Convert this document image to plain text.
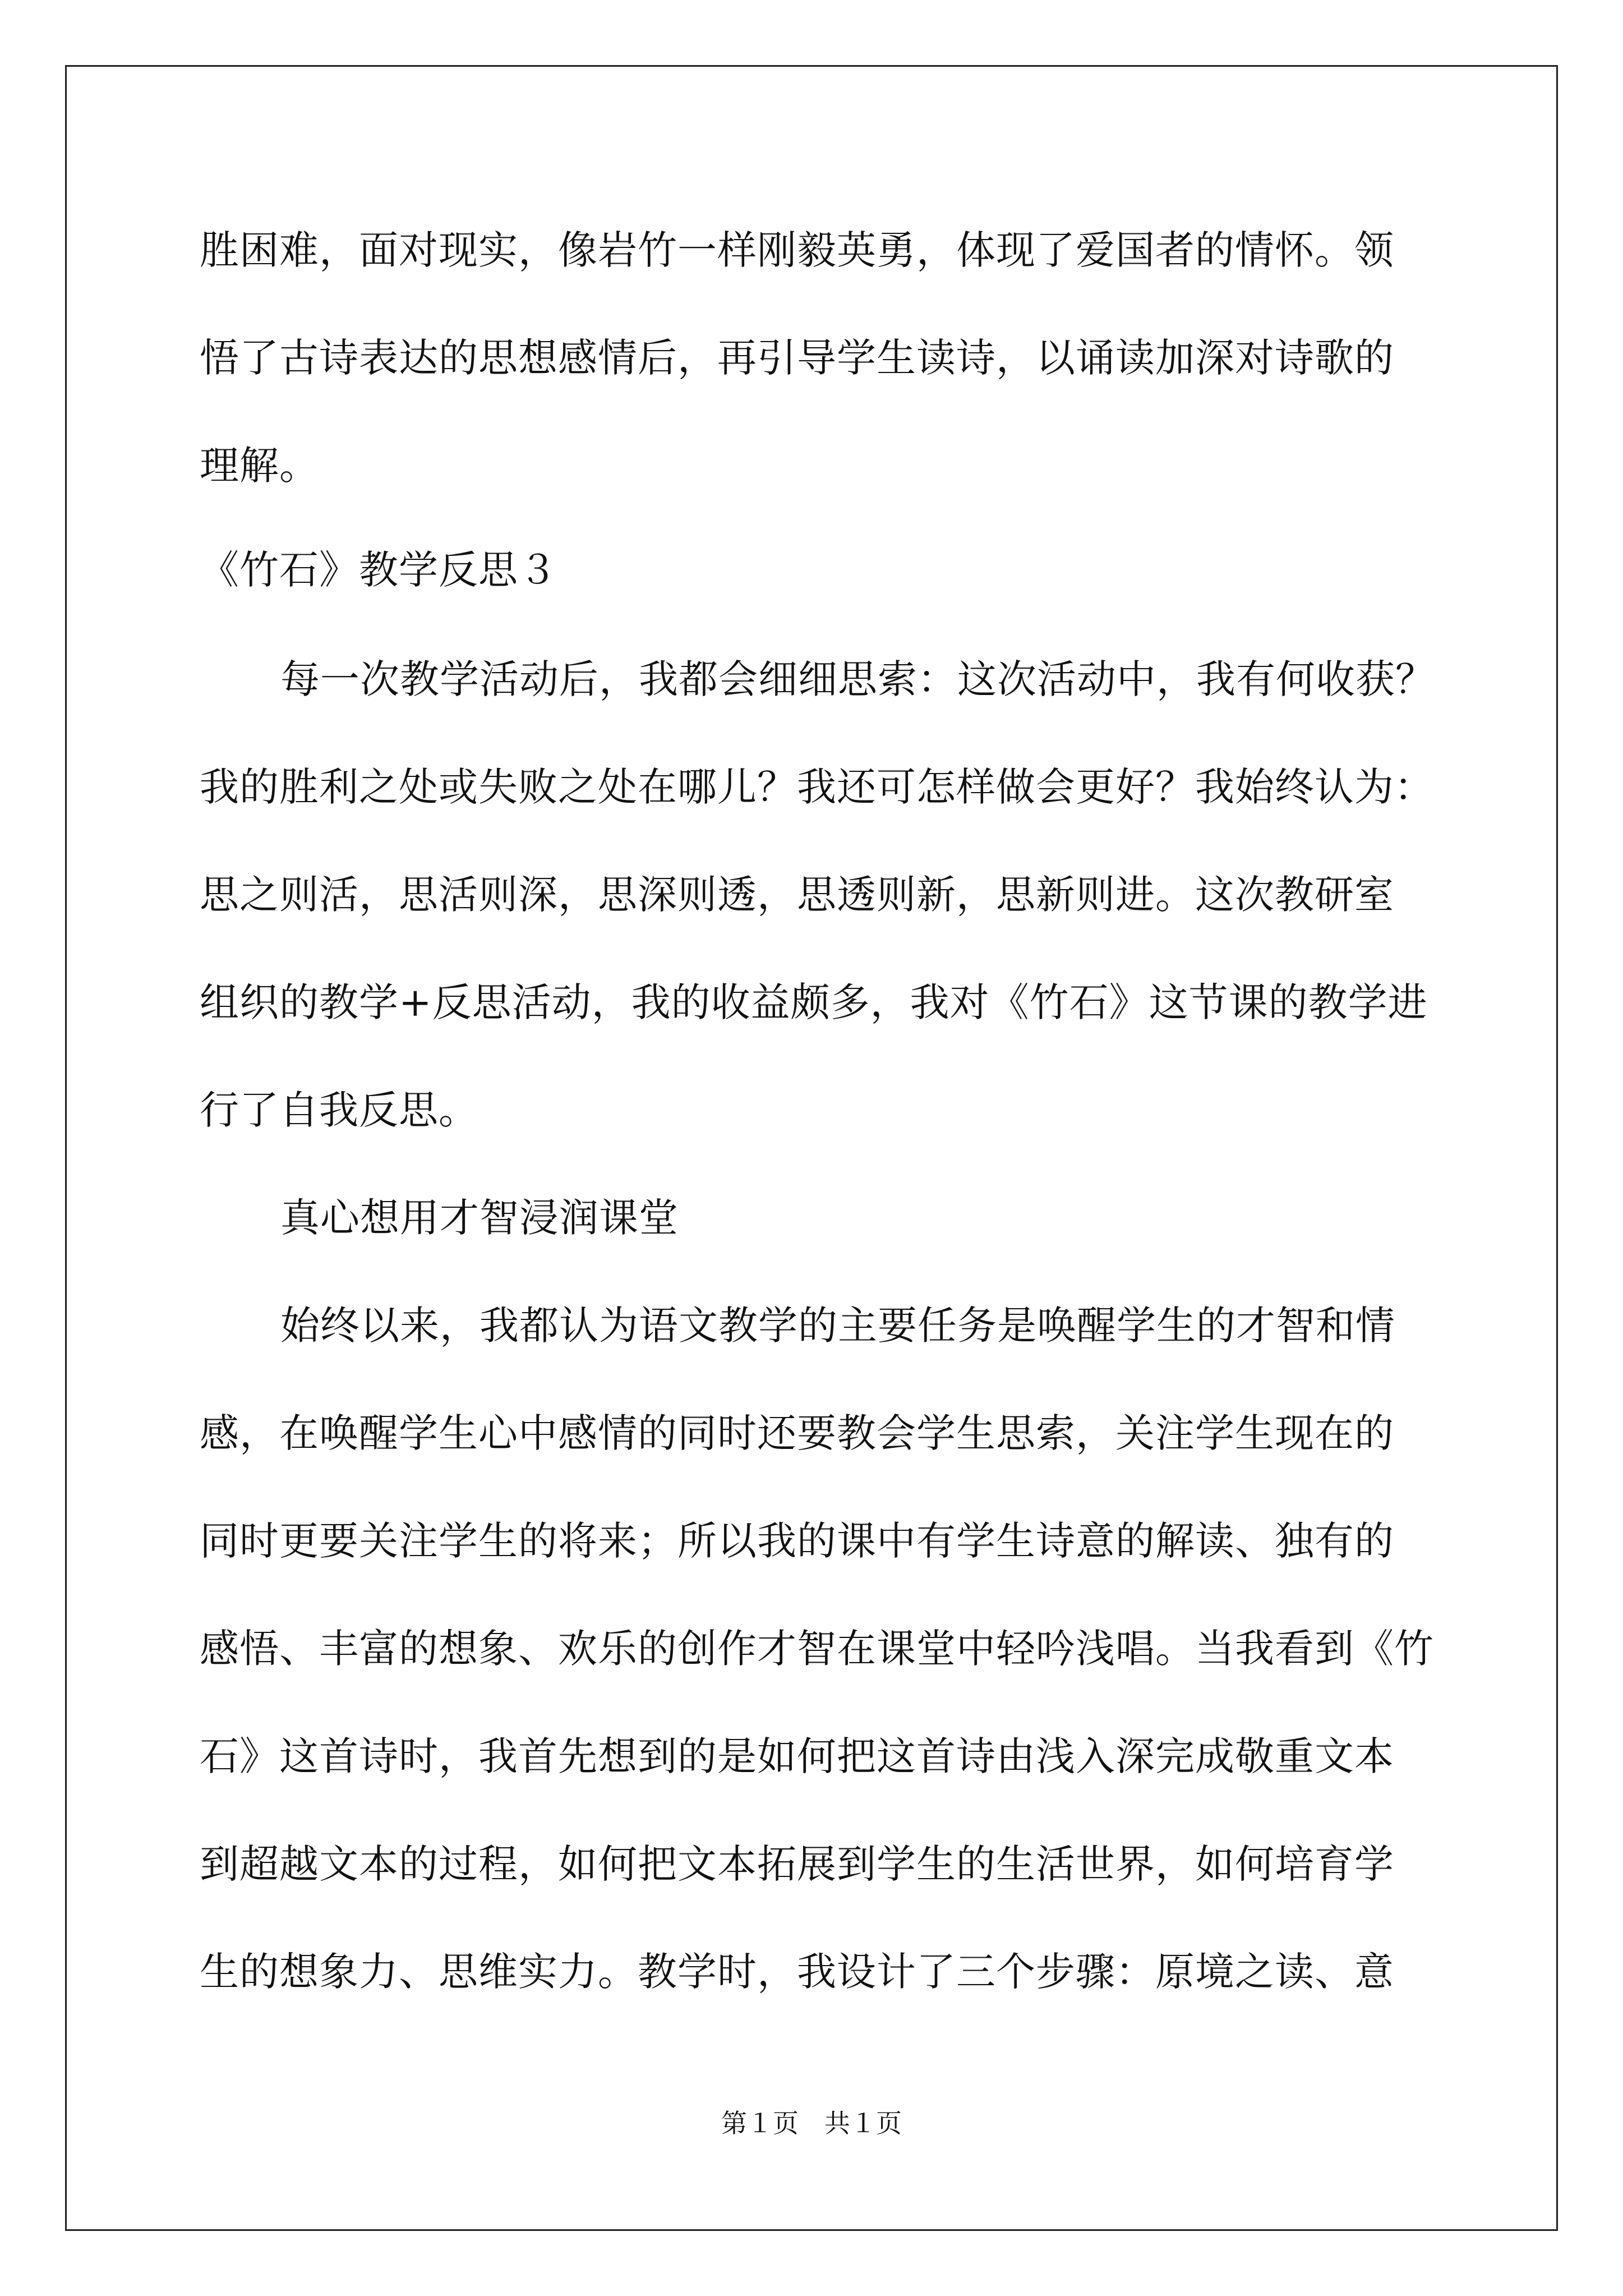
胜困难，面对现实，像岩竹一样刚毅英勇，体现了爱国者的情怀。领
悟了古诗表达的思想感情后，再引导学生读诗，以诵读加深对诗歌的
理解。
《竹石》教学反思３
每一次教学活动后，我都会细细思索：这次活动中，我有何收获？
我的胜利之处或失败之处在哪儿？我还可怎样做会更好？我始终认为：
思之则活，思活则深，思深则透，思透则新，思新则进。这次教研室
组织的教学+反思活动，我的收益颇多，我对《竹石》这节课的教学进
行了自我反思。
真心想用才智浸润课堂
始终以来，我都认为语文教学的主要任务是唤醒学生的才智和情
感，在唤醒学生心中感情的同时还要教会学生思索，关注学生现在的
同时更要关注学生的将来；所以我的课中有学生诗意的解读、独有的
感悟、丰富的想象、欢乐的创作才智在课堂中轻吟浅唱。当我看到《竹
石》这首诗时，我首先想到的是如何把这首诗由浅入深完成敬重文本
到超越文本的过程，如何把文本拓展到学生的生活世界，如何培育学
生的想象力、思维实力。教学时，我设计了三个步骤：原境之读、意
第１页　共１页
